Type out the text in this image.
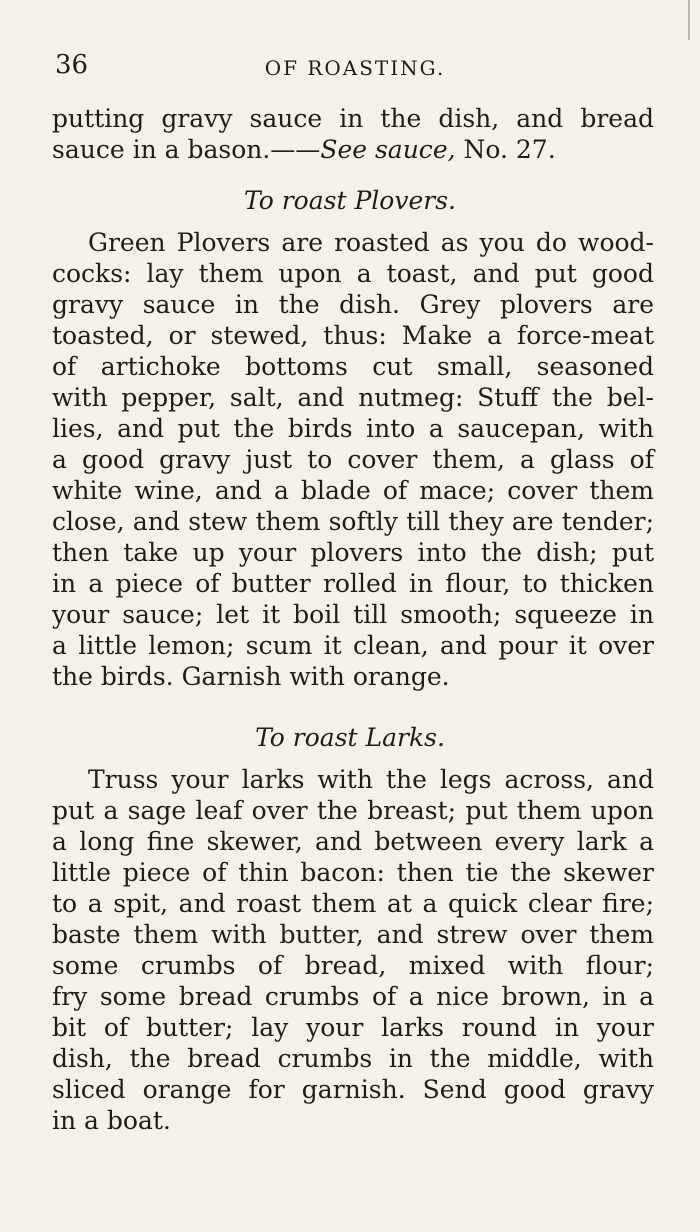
36	OF ROASTING.
putting gravy sauce in the dish, and bread
sauce in a bason.——See sauce, No. 27.
To roast Plovers.
Green Plovers are roasted as you do wood-
cocks: lay them upon a toast, and put good
gravy sauce in the dish. Grey plovers are
toasted, or stewed, thus: Make a force-meat
of artichoke bottoms cut small, seasoned
with pepper, salt, and nutmeg: Stuff the bel-
lies, and put the birds into a saucepan, with
a good gravy just to cover them, a glass of
white wine, and a blade of mace; cover them
close, and stew them softly till they are tender;
then take up your plovers into the dish; put
in a piece of butter rolled in flour, to thicken
your sauce; let it boil till smooth; squeeze in
a little lemon; scum it clean, and pour it over
the birds. Garnish with orange.
To roast Larks.
Truss your larks with the legs across, and
put a sage leaf over the breast; put them upon
a long fine skewer, and between every lark a
little piece of thin bacon: then tie the skewer
to a spit, and roast them at a quick clear fire;
baste them with butter, and strew over them
some crumbs of bread, mixed with flour;
fry some bread crumbs of a nice brown, in a
bit of butter; lay your larks round in your
dish, the bread crumbs in the middle, with
sliced orange for garnish. Send good gravy
in a boat.
